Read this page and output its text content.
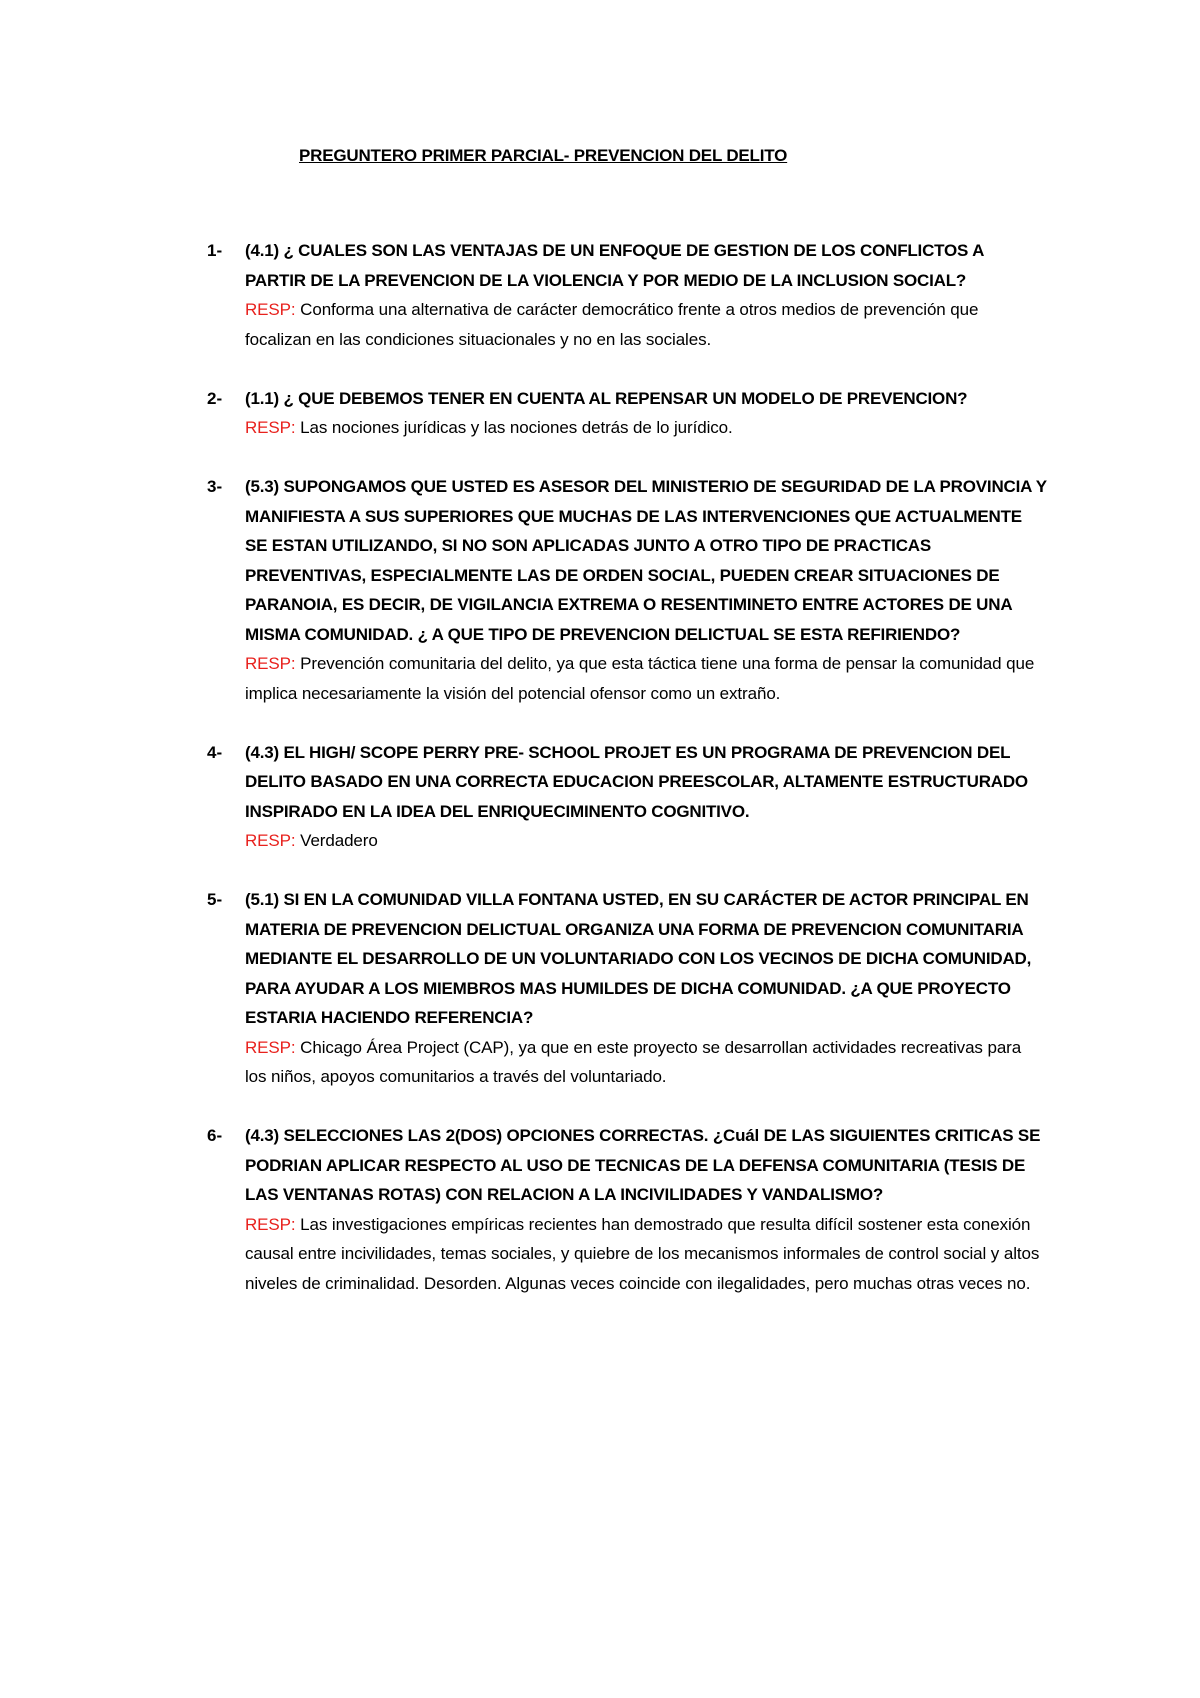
PREGUNTERO PRIMER PARCIAL- PREVENCION DEL DELITO
1- (4.1) ¿ CUALES SON LAS VENTAJAS DE UN ENFOQUE DE GESTION DE LOS CONFLICTOS A PARTIR DE LA PREVENCION DE LA VIOLENCIA Y POR MEDIO DE LA INCLUSION SOCIAL?
RESP: Conforma una alternativa de carácter democrático frente a otros medios de prevención que focalizan en las condiciones situacionales y no en las sociales.
2- (1.1) ¿ QUE DEBEMOS TENER EN CUENTA AL REPENSAR UN MODELO DE PREVENCION?
RESP: Las nociones jurídicas y las nociones detrás de lo jurídico.
3- (5.3) SUPONGAMOS QUE USTED ES ASESOR DEL MINISTERIO DE SEGURIDAD DE LA PROVINCIA Y MANIFIESTA A SUS SUPERIORES QUE MUCHAS DE LAS INTERVENCIONES QUE ACTUALMENTE SE ESTAN UTILIZANDO, SI NO SON APLICADAS JUNTO A OTRO TIPO DE PRACTICAS PREVENTIVAS, ESPECIALMENTE LAS DE ORDEN SOCIAL, PUEDEN CREAR SITUACIONES DE PARANOIA, ES DECIR, DE VIGILANCIA EXTREMA O RESENTIMINETO ENTRE ACTORES DE UNA MISMA COMUNIDAD. ¿ A QUE TIPO DE PREVENCION DELICTUAL SE ESTA REFIRIENDO?
RESP: Prevención comunitaria del delito, ya que esta táctica tiene una forma de pensar la comunidad que implica necesariamente la visión del potencial ofensor como un extraño.
4- (4.3) EL HIGH/ SCOPE PERRY PRE- SCHOOL PROJET ES UN PROGRAMA DE PREVENCION DEL DELITO BASADO EN UNA CORRECTA EDUCACION PREESCOLAR, ALTAMENTE ESTRUCTURADO INSPIRADO EN LA IDEA DEL ENRIQUECIMINENTO COGNITIVO.
RESP: Verdadero
5- (5.1) SI EN LA COMUNIDAD VILLA FONTANA USTED, EN SU CARÁCTER DE ACTOR PRINCIPAL EN MATERIA DE PREVENCION DELICTUAL ORGANIZA UNA FORMA DE PREVENCION COMUNITARIA MEDIANTE EL DESARROLLO DE UN VOLUNTARIADO CON LOS VECINOS DE DICHA COMUNIDAD, PARA AYUDAR A LOS MIEMBROS MAS HUMILDES DE DICHA COMUNIDAD. ¿A QUE PROYECTO ESTARIA HACIENDO REFERENCIA?
RESP: Chicago Área Project (CAP), ya que en este proyecto se desarrollan actividades recreativas para los niños, apoyos comunitarios a través del voluntariado.
6- (4.3) SELECCIONES LAS 2(DOS) OPCIONES CORRECTAS. ¿Cuál DE LAS SIGUIENTES CRITICAS SE PODRIAN APLICAR RESPECTO AL USO DE TECNICAS DE LA DEFENSA COMUNITARIA (TESIS DE LAS VENTANAS ROTAS) CON RELACION A LA INCIVILIDADES Y VANDALISMO?
RESP: Las investigaciones empíricas recientes han demostrado que resulta difícil sostener esta conexión causal entre incivilidades, temas sociales, y quiebre de los mecanismos informales de control social y altos niveles de criminalidad. Desorden. Algunas veces coincide con ilegalidades, pero muchas otras veces no.
